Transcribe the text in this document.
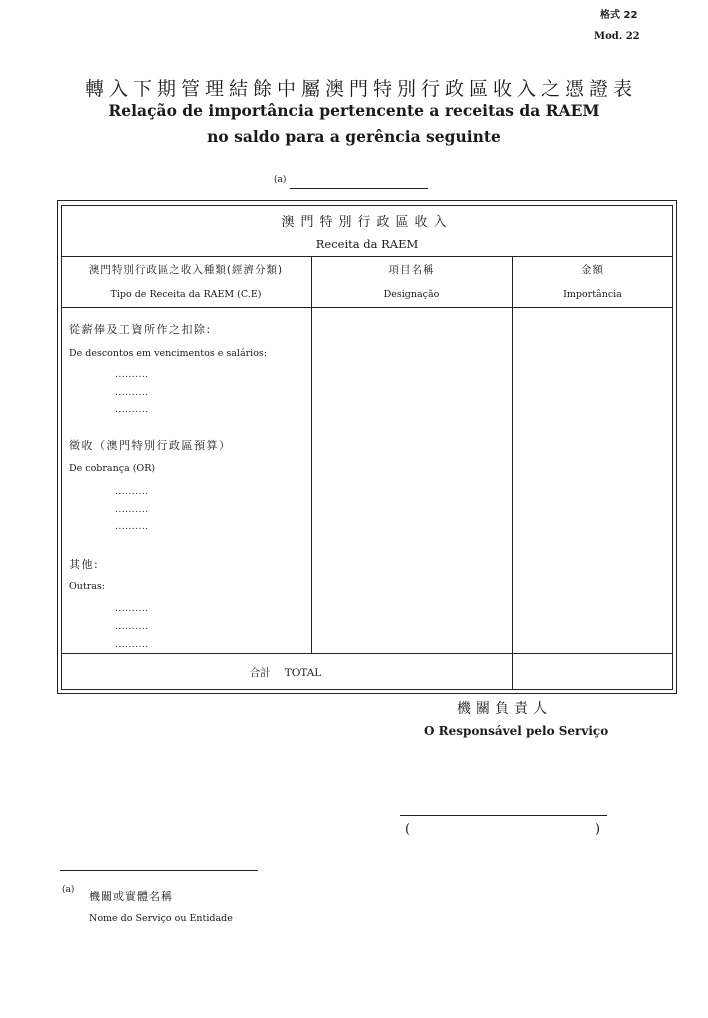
格式 22
Mod. 22
轉入下期管理結餘中屬澳門特別行政區收入之憑證表
Relação de importância pertencente a receitas da RAEM
no saldo para a gerência seguinte
(a)
澳門特別行政區收入
Receita da RAEM
澳門特別行政區之收入種類(經濟分類)
Tipo de Receita da RAEM (C.E)
項目名稱
Designação
金額
Importância
從薪俸及工資所作之扣除:
De descontos em vencimentos e salários:
..........
..........
..........
徵收（澳門特別行政區預算）
De cobrança (OR)
..........
..........
..........
其他:
Outras:
..........
..........
..........
合計 TOTAL
機關負責人
O Responsável pelo Serviço
(	)
(a) 機關或實體名稱
Nome do Serviço ou Entidade
